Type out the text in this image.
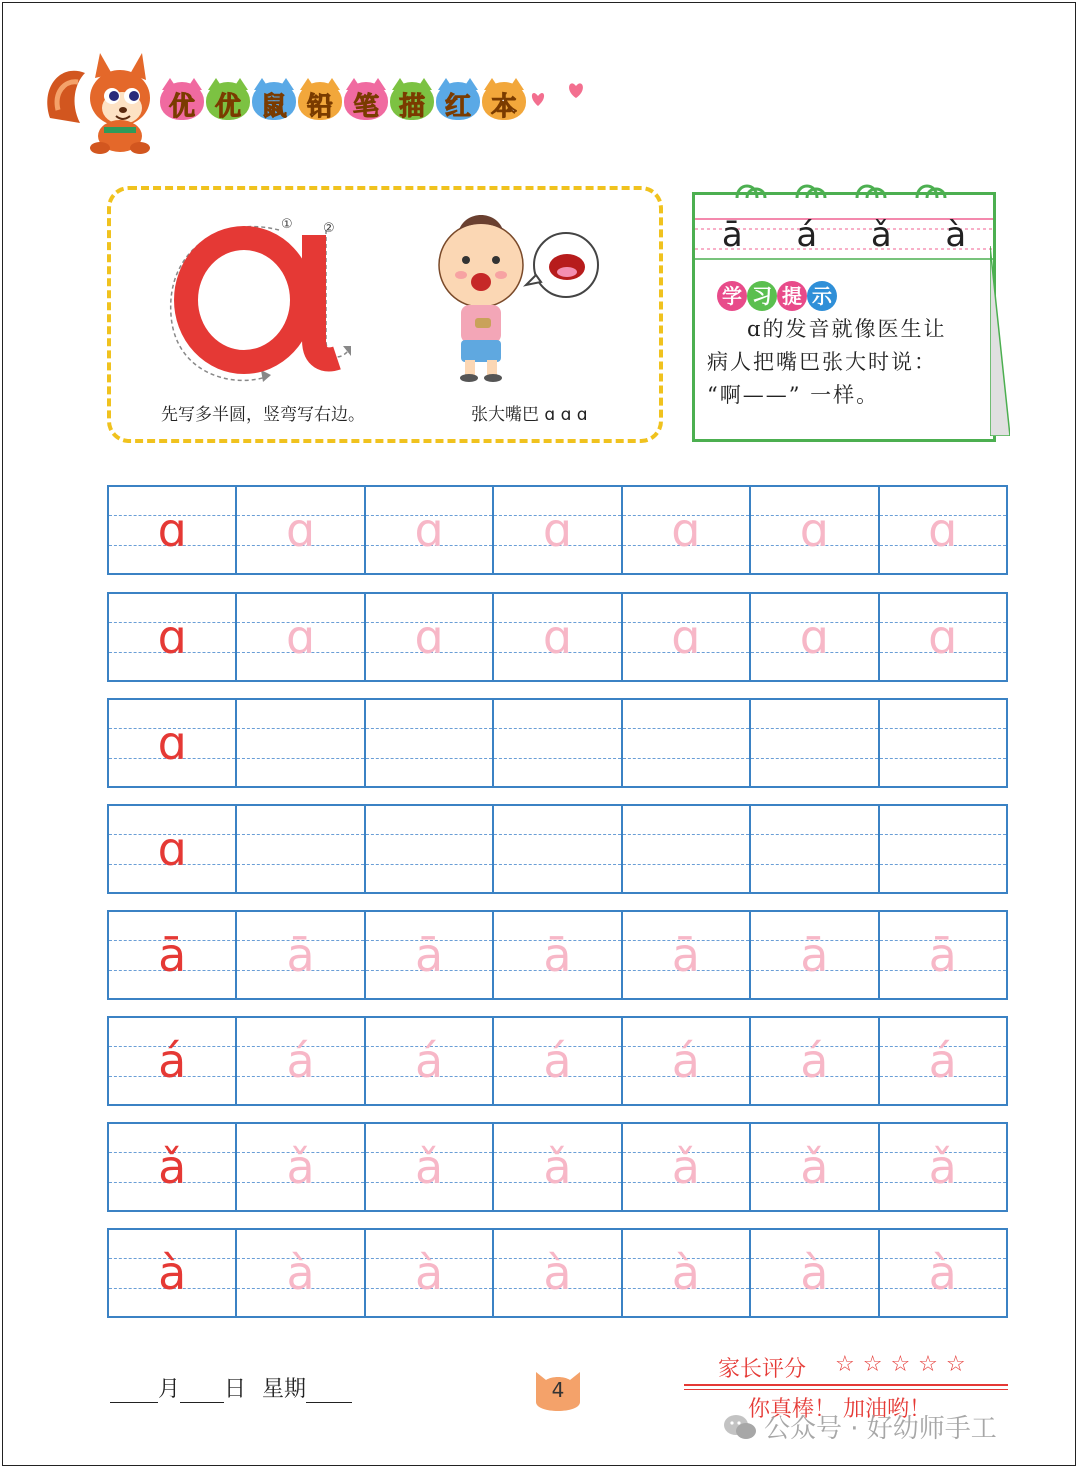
优 优 鼠 铅 笔 描 红 本
① ②
先写多半圆，竖弯写右边。	张大嘴巴 ɑ ɑ ɑ
ā á ǎ à
学 习 提 示
ɑ的发音就像医生让
病人把嘴巴张大时说：
“啊——” 一样。
ɑ	ɑ	ɑ	ɑ	ɑ	ɑ	ɑ
ɑ	ɑ	ɑ	ɑ	ɑ	ɑ	ɑ
ɑ
ɑ
ā	ā	ā	ā	ā	ā	ā
á	á	á	á	á	á	á
ǎ	ǎ	ǎ	ǎ	ǎ	ǎ	ǎ
à	à	à	à	à	à	à
月 日 星期	4
家长评分 ☆☆☆☆☆
你真棒！ 加油哟！
公众号 · 好幼师手工
